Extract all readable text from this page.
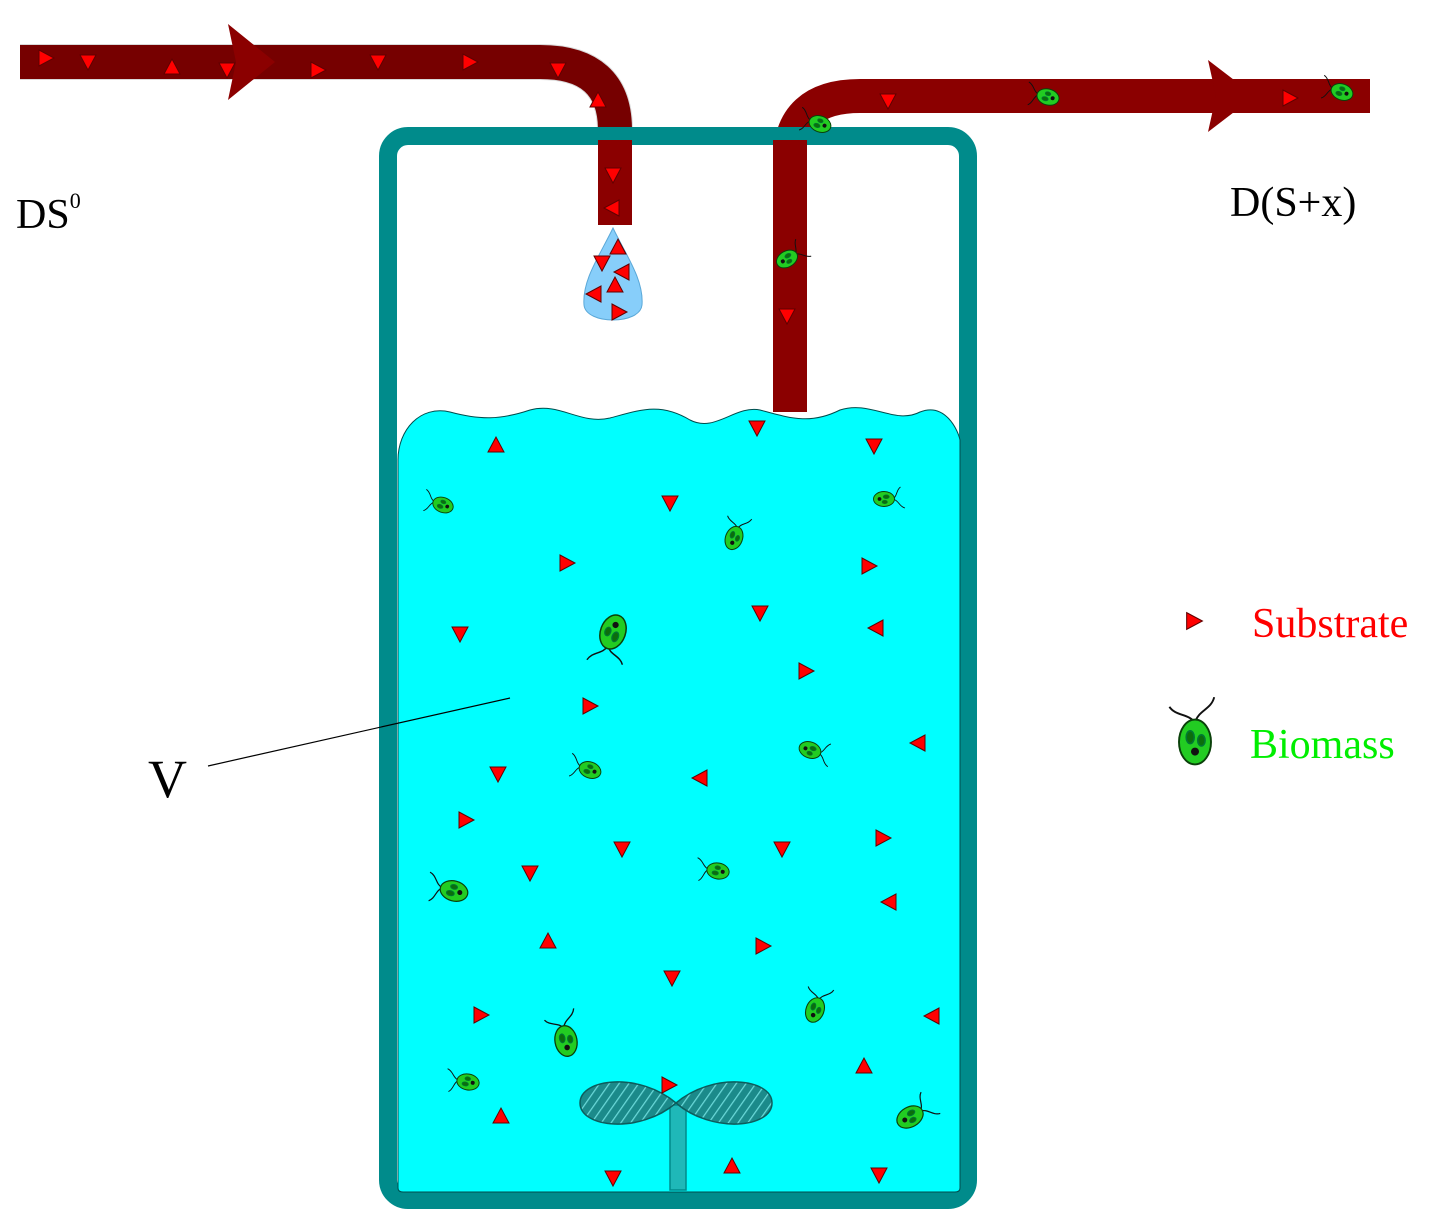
$DS^0$	D(S+x)
V
Substrate
Biomass
